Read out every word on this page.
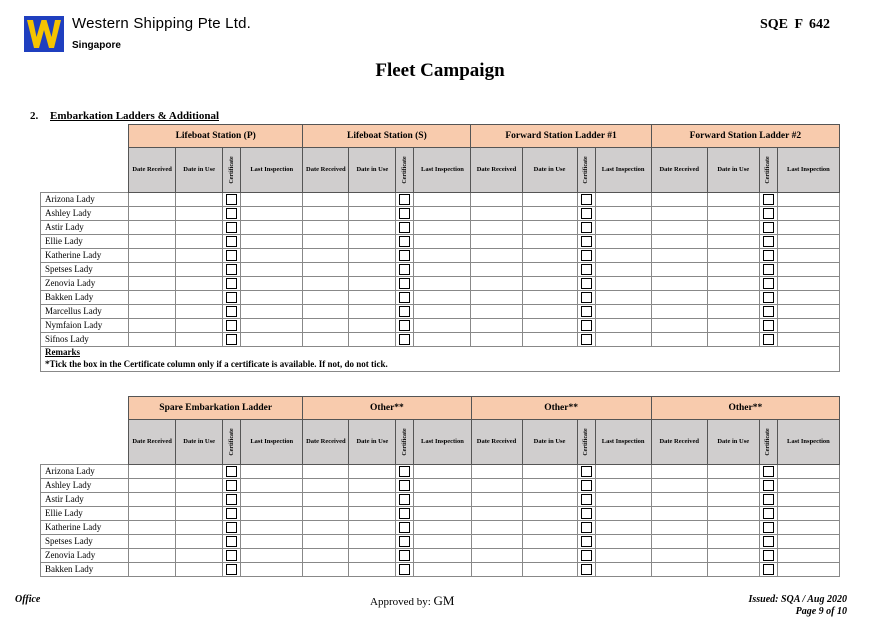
Western Shipping Pte Ltd.
Singapore
SQE F 642
Fleet Campaign
2. Embarkation Ladders & Additional
	Lifeboat Station (P)				Lifeboat Station (S)				Forward Station Ladder #1				Forward Station Ladder #2			
	Date Received	Date in Use	Certificate	Last Inspection	Date Received	Date in Use	Certificate	Last Inspection	Date Received	Date in Use	Certificate	Last Inspection	Date Received	Date in Use	Certificate	Last Inspection
Arizona Lady																
Ashley Lady																
Astir Lady																
Ellie Lady																
Katherine Lady																
Spetses Lady																
Zenovia Lady																
Bakken Lady																
Marcellus Lady																
Nymfaion Lady																
Sifnos Lady																
Remarks																
*Tick the box in the Certificate column only if a certificate is available. If not, do not tick.																
	Spare Embarkation Ladder				Other**				Other**				Other**			
	Date Received	Date in Use	Certificate	Last Inspection	Date Received	Date in Use	Certificate	Last Inspection	Date Received	Date in Use	Certificate	Last Inspection	Date Received	Date in Use	Certificate	Last Inspection
Arizona Lady																
Ashley Lady																
Astir Lady																
Ellie Lady																
Katherine Lady																
Spetses Lady																
Zenovia Lady																
Bakken Lady																
Office	Approved by: GM	Issued: SQA / Aug 2020
Page 9 of 10
